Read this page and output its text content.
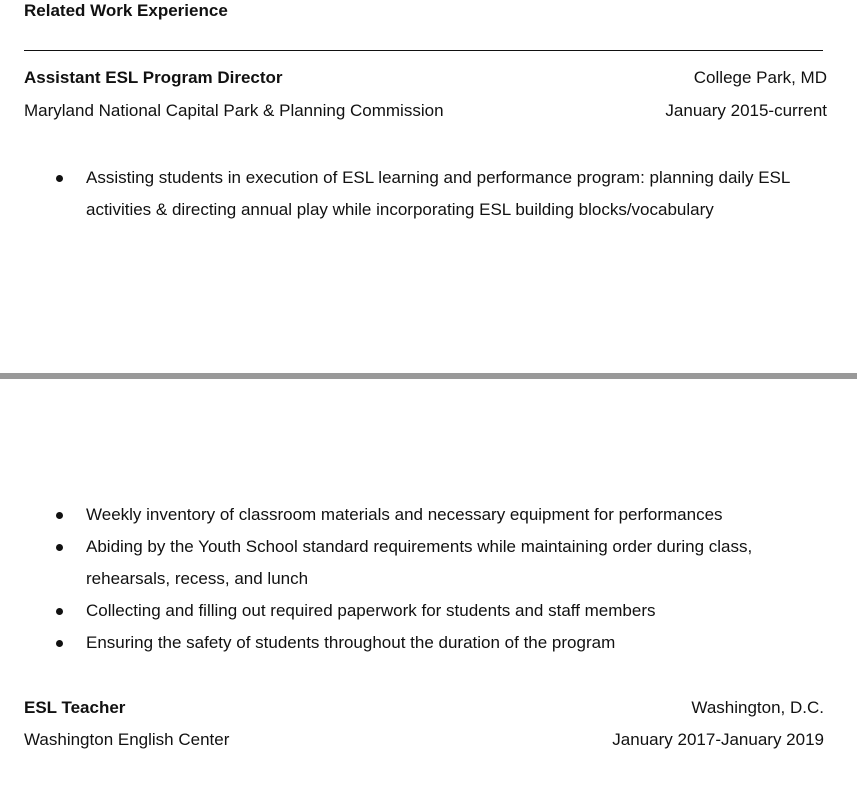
Related Work Experience
Assistant ESL Program Director	College Park, MD
Maryland National Capital Park & Planning Commission	January 2015-current
Assisting students in execution of ESL learning and performance program: planning daily ESL activities & directing annual play while incorporating ESL building blocks/vocabulary
Weekly inventory of classroom materials and necessary equipment for performances
Abiding by the Youth School standard requirements while maintaining order during class, rehearsals, recess, and lunch
Collecting and filling out required paperwork for students and staff members
Ensuring the safety of students throughout the duration of the program
ESL Teacher	Washington, D.C.
Washington English Center	January 2017-January 2019
